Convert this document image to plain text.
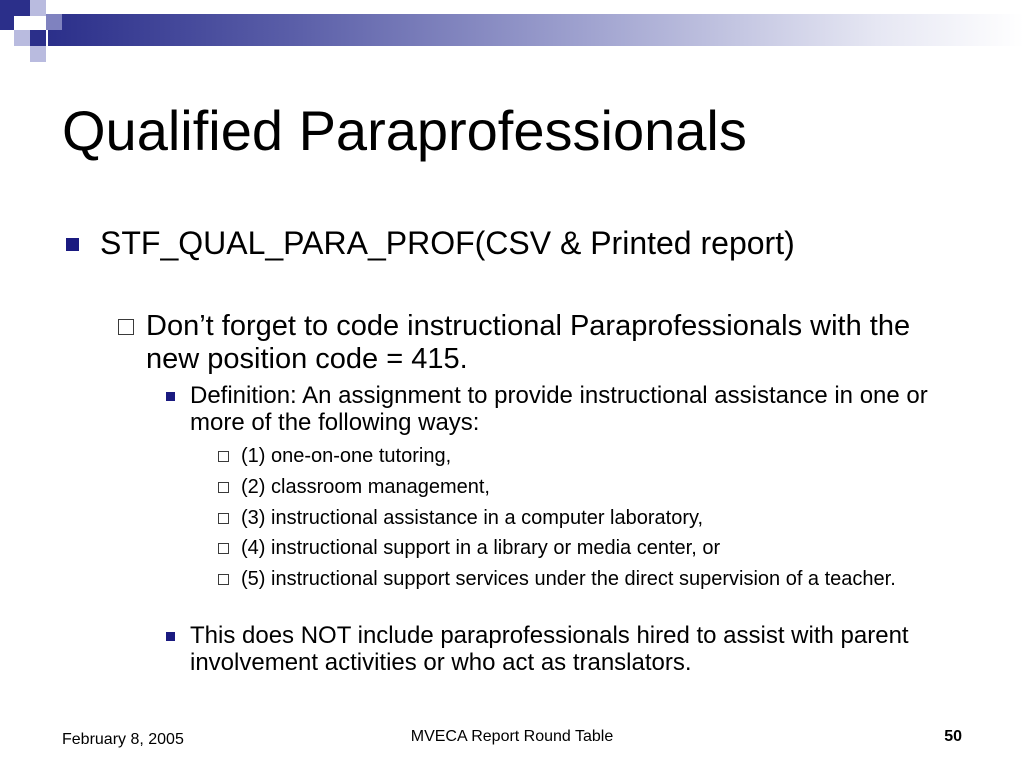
Qualified Paraprofessionals
STF_QUAL_PARA_PROF(CSV & Printed report)
Don’t forget to code instructional Paraprofessionals with the new position code = 415.
Definition: An assignment to provide instructional assistance in one or more of the following ways:
(1) one-on-one tutoring,
(2) classroom management,
(3) instructional assistance in a computer laboratory,
(4) instructional support in a library or media center, or
(5) instructional support services under the direct supervision of a teacher.
This does NOT include paraprofessionals hired to assist with parent involvement activities or who act as translators.
February 8, 2005	MVECA Report Round Table	50
